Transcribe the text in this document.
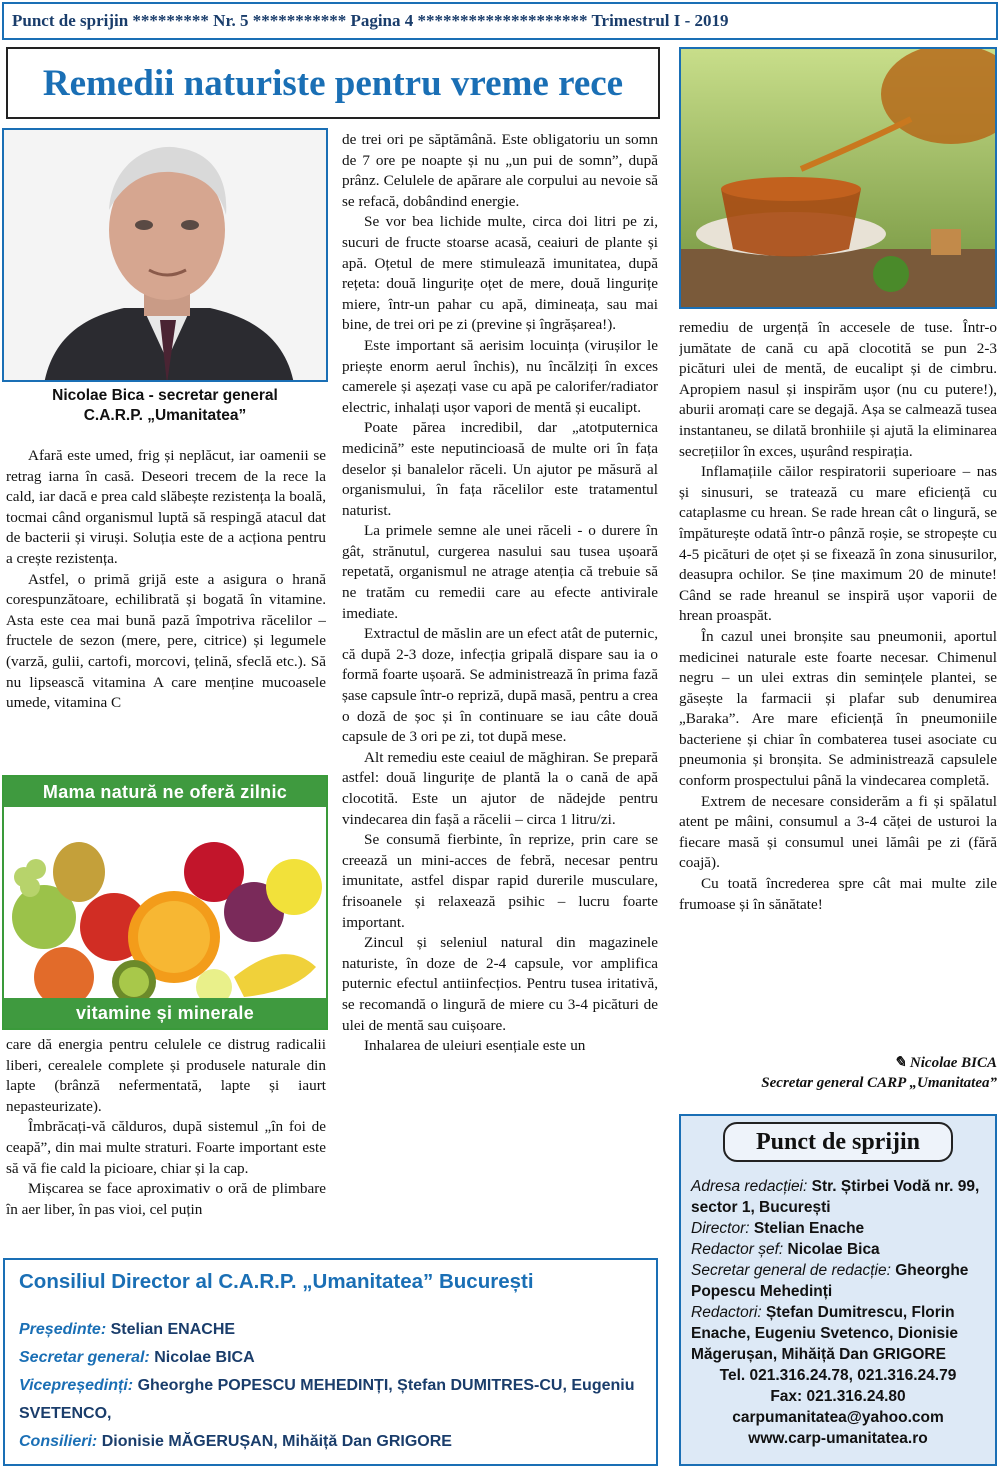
Punct de sprijin ********* Nr. 5 *********** Pagina 4 ******************** Trimestrul I - 2019
Remedii naturiste pentru vreme rece
Nicolae Bica - secretar general
C.A.R.P. „Umanitatea”

Afară este umed, frig și neplăcut, iar oamenii se retrag iarna în casă. Deseori trecem de la rece la cald, iar dacă e prea cald slăbește rezistența la boală, tocmai când organismul luptă să respingă atacul dat de bacterii și viruși. Soluția este de a acționa pentru a crește rezistența.

Astfel, o primă grijă este a asigura o hrană corespunzătoare, echilibrată și bogată în vitamine. Asta este cea mai bună pază împotriva răcelilor – fructele de sezon (mere, pere, citrice) și legumele (varză, gulii, cartofi, morcovi, țelină, sfeclă etc.). Să nu lipsească vitamina A care menține mucoasele umede, vitamina C

Mama natură ne oferă zilnic
vitamine și minerale

care dă energia pentru celulele ce distrug radicalii liberi, cerealele complete și produsele naturale din lapte (brânză nefermentată, lapte și iaurt nepasteurizate).

Îmbrăcați-vă călduros, după sistemul „în foi de ceapă”, din mai multe straturi. Foarte important este să vă fie cald la picioare, chiar și la cap.

Mișcarea se face aproximativ o oră de plimbare în aer liber, în pas vioi, cel puțin

de trei ori pe săptămână. Este obligatoriu un somn de 7 ore pe noapte și nu „un pui de somn”, după prânz. Celulele de apărare ale corpului au nevoie să se refacă, dobândind energie.

Se vor bea lichide multe, circa doi litri pe zi, sucuri de fructe stoarse acasă, ceaiuri de plante și apă. Oțetul de mere stimulează imunitatea, după rețeta: două lingurițe oțet de mere, două lingurițe miere, într-un pahar cu apă, dimineața, sau mai bine, de trei ori pe zi (previne și îngrășarea!).

Este important să aerisim locuința (virușilor le priește enorm aerul închis), nu încălziți în exces camerele și așezați vase cu apă pe calorifer/radiator electric, inhalați ușor vapori de mentă și eucalipt.

Poate părea incredibil, dar „atotputernica medicină” este neputincioasă de multe ori în fața deselor și banalelor răceli. Un ajutor pe măsură al organismului, în fața răcelilor este tratamentul naturist.

La primele semne ale unei răceli - o durere în gât, strănutul, curgerea nasului sau tusea ușoară repetată, organismul ne atrage atenția că trebuie să ne tratăm cu remedii care au efecte antivirale imediate.

Extractul de măslin are un efect atât de puternic, că după 2-3 doze, infecția gripală dispare sau ia o formă foarte ușoară. Se administrează în prima fază șase capsule într-o repriză, după masă, pentru a crea o doză de șoc și în continuare se iau câte două capsule de 3 ori pe zi, tot după mese.

Alt remediu este ceaiul de măghiran. Se prepară astfel: două lingurițe de plantă la o cană de apă clocotită. Este un ajutor de nădejde pentru vindecarea din fașă a răcelii – circa 1 litru/zi.

Se consumă fierbinte, în reprize, prin care se creează un mini-acces de febră, necesar pentru imunitate, astfel dispar rapid durerile musculare, frisoanele și relaxează psihic – lucru foarte important.

Zincul și seleniul natural din magazinele naturiste, în doze de 2-4 capsule, vor amplifica puternic efectul antiinfecțios. Pentru tusea iritativă, se recomandă o lingură de miere cu 3-4 picături de ulei de mentă sau cuișoare.

Inhalarea de uleiuri esențiale este un

remediu de urgență în accesele de tuse. Într-o jumătate de cană cu apă clocotită se pun 2-3 picături ulei de mentă, de eucalipt și de cimbru. Apropiem nasul și inspirăm ușor (nu cu putere!), aburii aromați care se degajă. Așa se calmează tusea instantaneu, se dilată bronhiile și ajută la eliminarea secrețiilor în exces, ușurând respirația.

Inflamațiile căilor respiratorii superioare – nas și sinusuri, se tratează cu mare eficiență cu cataplasme cu hrean. Se rade hrean cât o lingură, se împăturește odată într-o pânză roșie, se stropește cu 4-5 picături de oțet și se fixează în zona sinusurilor, deasupra ochilor. Se ține maximum 20 de minute! Când se rade hreanul se inspiră ușor vaporii de hrean proaspăt.

În cazul unei bronșite sau pneumonii, aportul medicinei naturale este foarte necesar. Chimenul negru – un ulei extras din semințele plantei, se găsește la farmacii și plafar sub denumirea „Baraka”. Are mare eficiență în pneumoniile bacteriene și chiar în combaterea tusei asociate cu pneumonia și bronșita. Se administrează capsulele conform prospectului până la vindecarea completă.

Extrem de necesare considerăm a fi și spălatul atent pe mâini, consumul a 3-4 căței de usturoi la fiecare masă și consumul unei lămâi pe zi (fără coajă).

Cu toată încrederea spre cât mai multe zile frumoase și în sănătate!

✎ Nicolae BICA
Secretar general CARP „Umanitatea”
Consiliul Director al C.A.R.P. „Umanitatea” București
Președinte: Stelian ENACHE
Secretar general: Nicolae BICA
Vicepreședinți: Gheorghe POPESCU MEHEDINȚI, Ștefan DUMITRES-CU, Eugeniu SVETENCO,
Consilieri: Dionisie MĂGERUȘAN, Mihăiță Dan GRIGORE
Punct de sprijin
Adresa redacției: Str. Știrbei Vodă nr. 99, sector 1, București
Director: Stelian Enache
Redactor șef: Nicolae Bica
Secretar general de redacție: Gheorghe Popescu Mehedinți
Redactori: Ștefan Dumitrescu, Florin Enache, Eugeniu Svetenco, Dionisie Măgerușan, Mihăiță Dan GRIGORE
Tel. 021.316.24.78, 021.316.24.79
Fax: 021.316.24.80
carpumanitatea@yahoo.com
www.carp-umanitatea.ro
